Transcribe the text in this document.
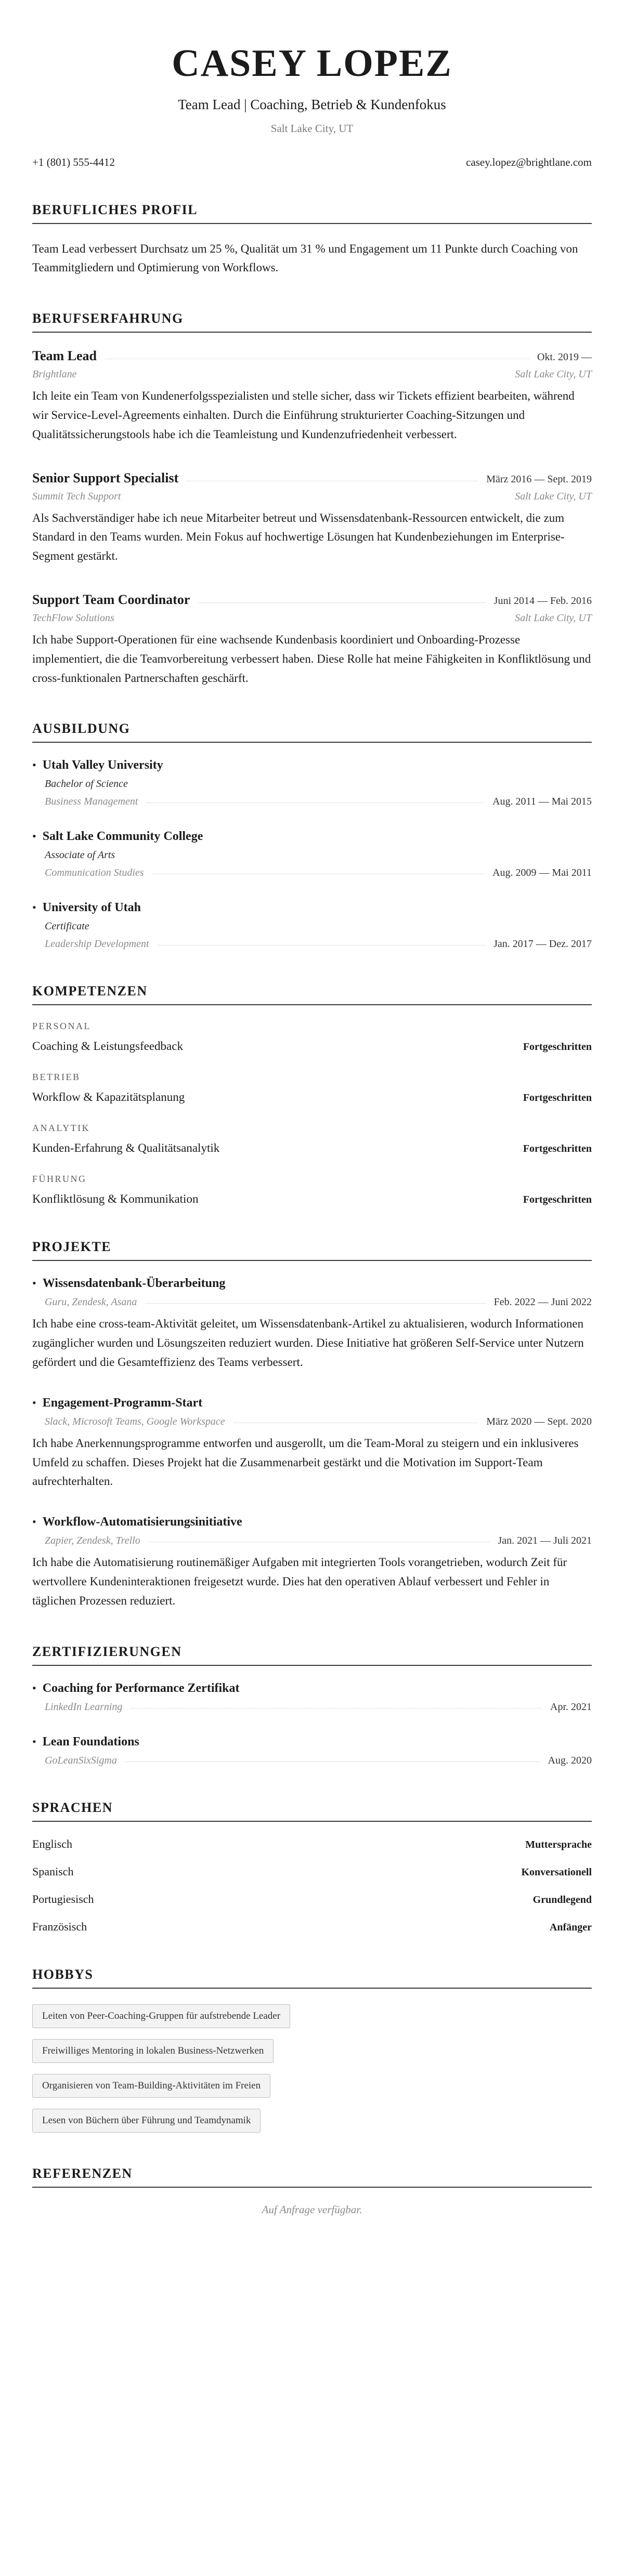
CASEY LOPEZ
Team Lead | Coaching, Betrieb & Kundenfokus
Salt Lake City, UT
+1 (801) 555-4412	casey.lopez@brightlane.com
BERUFLICHES PROFIL

Team Lead verbessert Durchsatz um 25 %, Qualität um 31 % und Engagement um 11 Punkte durch Coaching von Teammitgliedern und Optimierung von Workflows.

BERUFSERFAHRUNG
Team Lead	Okt. 2019 —
Brightlane	Salt Lake City, UT

Ich leite ein Team von Kundenerfolgsspezialisten und stelle sicher, dass wir Tickets effizient bearbeiten, während wir Service-Level-Agreements einhalten. Durch die Einführung strukturierter Coaching-Sitzungen und Qualitätssicherungstools habe ich die Teamleistung und Kundenzufriedenheit verbessert.

Senior Support Specialist	März 2016 — Sept. 2019
Summit Tech Support	Salt Lake City, UT

Als Sachverständiger habe ich neue Mitarbeiter betreut und Wissensdatenbank-Ressourcen entwickelt, die zum Standard in den Teams wurden. Mein Fokus auf hochwertige Lösungen hat Kundenbeziehungen im Enterprise-Segment gestärkt.

Support Team Coordinator	Juni 2014 — Feb. 2016
TechFlow Solutions	Salt Lake City, UT

Ich habe Support-Operationen für eine wachsende Kundenbasis koordiniert und Onboarding-Prozesse implementiert, die die Teamvorbereitung verbessert haben. Diese Rolle hat meine Fähigkeiten in Konfliktlösung und cross-funktionalen Partnerschaften geschärft.

AUSBILDUNG
• Utah Valley University
Bachelor of Science
Business Management	Aug. 2011 — Mai 2015
• Salt Lake Community College
Associate of Arts
Communication Studies	Aug. 2009 — Mai 2011
• University of Utah
Certificate
Leadership Development	Jan. 2017 — Dez. 2017
KOMPETENZEN
PERSONAL
Coaching & Leistungsfeedback	Fortgeschritten
BETRIEB
Workflow & Kapazitätsplanung	Fortgeschritten
ANALYTIK
Kunden-Erfahrung & Qualitätsanalytik	Fortgeschritten
FÜHRUNG
Konfliktlösung & Kommunikation	Fortgeschritten
PROJEKTE
• Wissensdatenbank-Überarbeitung
Guru, Zendesk, Asana	Feb. 2022 — Juni 2022

Ich habe eine cross-team-Aktivität geleitet, um Wissensdatenbank-Artikel zu aktualisieren, wodurch Informationen zugänglicher wurden und Lösungszeiten reduziert wurden. Diese Initiative hat größeren Self-Service unter Nutzern gefördert und die Gesamteffizienz des Teams verbessert.

• Engagement-Programm-Start
Slack, Microsoft Teams, Google Workspace	März 2020 — Sept. 2020

Ich habe Anerkennungsprogramme entworfen und ausgerollt, um die Team-Moral zu steigern und ein inklusiveres Umfeld zu schaffen. Dieses Projekt hat die Zusammenarbeit gestärkt und die Motivation im Support-Team aufrechterhalten.

• Workflow-Automatisierungsinitiative
Zapier, Zendesk, Trello	Jan. 2021 — Juli 2021

Ich habe die Automatisierung routinemäßiger Aufgaben mit integrierten Tools vorangetrieben, wodurch Zeit für wertvollere Kundeninteraktionen freigesetzt wurde. Dies hat den operativen Ablauf verbessert und Fehler in täglichen Prozessen reduziert.

ZERTIFIZIERUNGEN
• Coaching for Performance Zertifikat
LinkedIn Learning	Apr. 2021
• Lean Foundations
GoLeanSixSigma	Aug. 2020
SPRACHEN
Englisch	Muttersprache
Spanisch	Konversationell
Portugiesisch	Grundlegend
Französisch	Anfänger
HOBBYS
Leiten von Peer-Coaching-Gruppen für aufstrebende Leader
Freiwilliges Mentoring in lokalen Business-Netzwerken
Organisieren von Team-Building-Aktivitäten im Freien
Lesen von Büchern über Führung und Teamdynamik
REFERENZEN
Auf Anfrage verfügbar.
